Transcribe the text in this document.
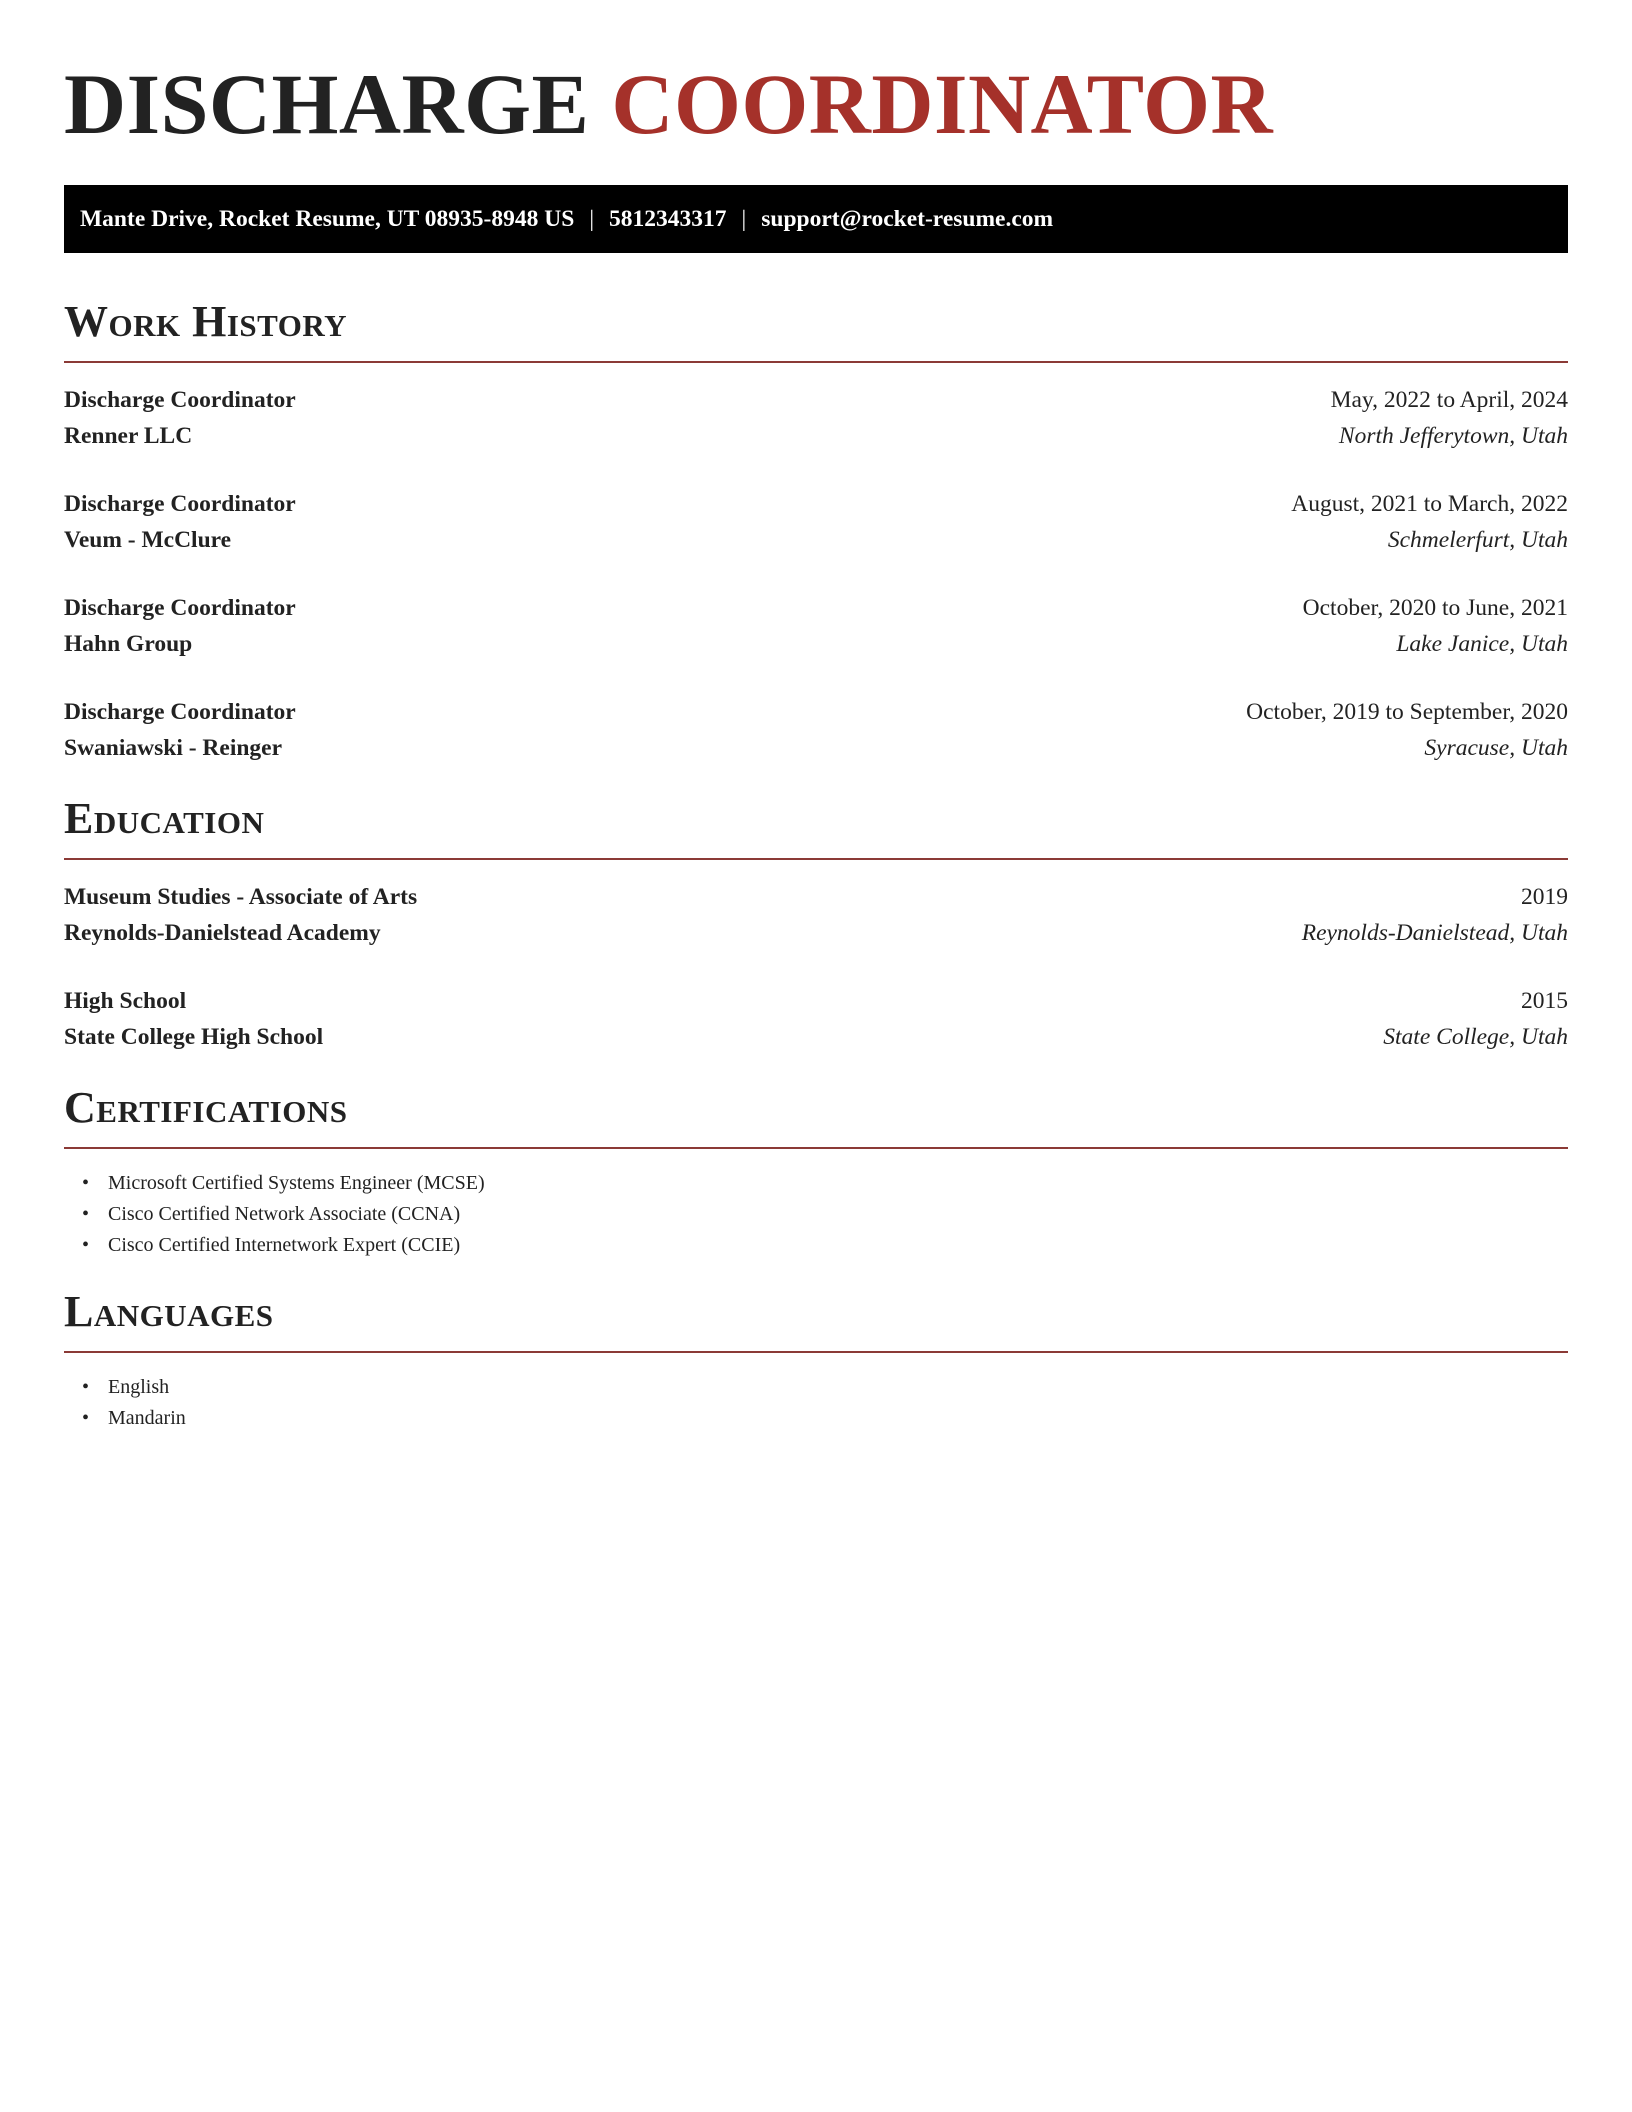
DISCHARGE COORDINATOR
Mante Drive, Rocket Resume, UT 08935-8948 US | 5812343317 | support@rocket-resume.com
Work History
Discharge Coordinator	May, 2022 to April, 2024
Renner LLC	North Jefferytown, Utah
Discharge Coordinator	August, 2021 to March, 2022
Veum - McClure	Schmelerfurt, Utah
Discharge Coordinator	October, 2020 to June, 2021
Hahn Group	Lake Janice, Utah
Discharge Coordinator	October, 2019 to September, 2020
Swaniawski - Reinger	Syracuse, Utah
Education
Museum Studies - Associate of Arts	2019
Reynolds-Danielstead Academy	Reynolds-Danielstead, Utah
High School	2015
State College High School	State College, Utah
Certifications
• Microsoft Certified Systems Engineer (MCSE)
• Cisco Certified Network Associate (CCNA)
• Cisco Certified Internetwork Expert (CCIE)
Languages
• English
• Mandarin
